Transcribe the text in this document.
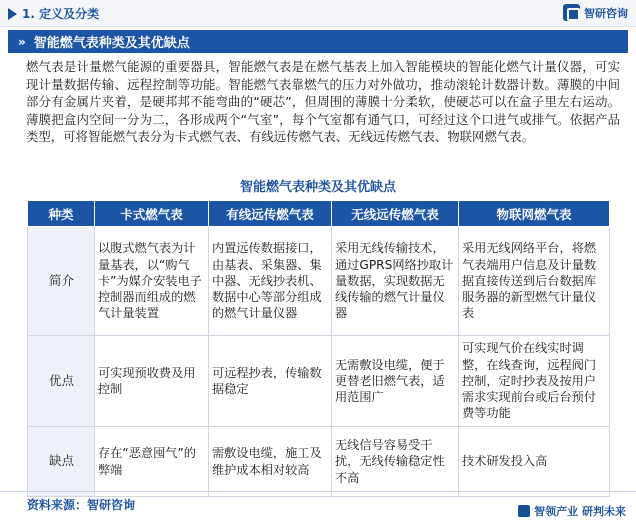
1. 定义及分类	智研咨询
» 智能燃气表种类及其优缺点

燃气表是计量燃气能源的重要器具，智能燃气表是在燃气基表上加入智能模块的智能化燃气计量仪器，可实现计量数据传输、远程控制等功能。智能燃气表靠燃气的压力对外做功，推动滚轮计数器计数。薄膜的中间部分有金属片夹着，是硬邦邦不能弯曲的“硬芯”，但周围的薄膜十分柔软，使硬芯可以在盒子里左右运动。薄膜把盒内空间一分为二，各形成两个“气室”，每个气室都有通气口，可经过这个口进气或排气。依据产品类型，可将智能燃气表分为卡式燃气表、有线远传燃气表、无线远传燃气表、物联网燃气表。

智能燃气表种类及其优缺点
种类	卡式燃气表	有线远传燃气表	无线远传燃气表	物联网燃气表
简介	以腹式燃气表为计量基表，以“购气卡”为媒介安装电子控制器而组成的燃气计量装置	内置远传数据接口，由基表、采集器、集中器、无线抄表机、数据中心等部分组成的燃气计量仪器	采用无线传输技术，通过GPRS网络抄取计量数据，实现数据无线传输的燃气计量仪器	采用无线网络平台，将燃气表端用户信息及计量数据直接传送到后台数据库服务器的新型燃气计量仪表
优点	可实现预收费及用控制	可远程抄表，传输数据稳定	无需敷设电缆，便于更替老旧燃气表，适用范围广	可实现气价在线实时调整，在线查询，远程阀门控制，定时抄表及按用户需求实现前台或后台预付费等功能
缺点	存在“恶意囤气”的弊端	需敷设电缆，施工及维护成本相对较高	无线信号容易受干扰，无线传输稳定性不高	技术研发投入高
资料来源：智研咨询	智领产业 研判未来
